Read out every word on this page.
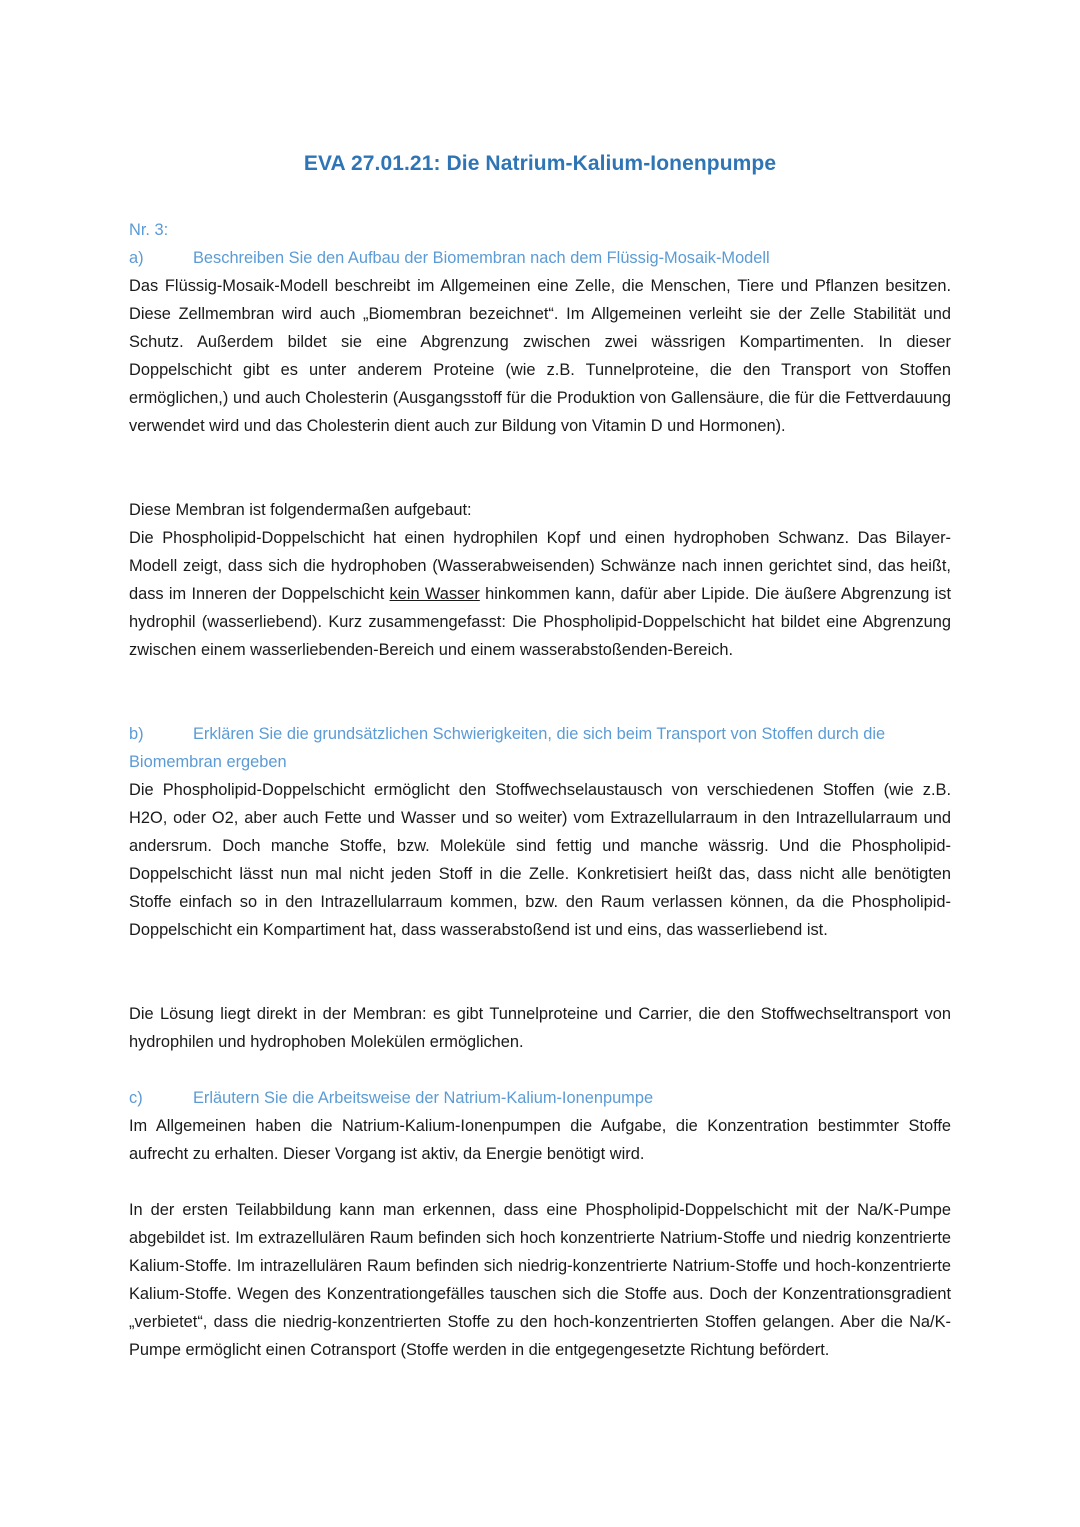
EVA 27.01.21: Die Natrium-Kalium-Ionenpumpe
Nr. 3:
a)	Beschreiben Sie den Aufbau der Biomembran nach dem Flüssig-Mosaik-Modell
Das Flüssig-Mosaik-Modell beschreibt im Allgemeinen eine Zelle, die Menschen, Tiere und Pflanzen besitzen. Diese Zellmembran wird auch „Biomembran bezeichnet“. Im Allgemeinen verleiht sie der Zelle Stabilität und Schutz. Außerdem bildet sie eine Abgrenzung zwischen zwei wässrigen Kompartimenten. In dieser Doppelschicht gibt es unter anderem Proteine (wie z.B. Tunnelproteine, die den Transport von Stoffen ermöglichen,) und auch Cholesterin (Ausgangsstoff für die Produktion von Gallensäure, die für die Fettverdauung verwendet wird und das Cholesterin dient auch zur Bildung von Vitamin D und Hormonen).
Diese Membran ist folgendermaßen aufgebaut:
Die Phospholipid-Doppelschicht hat einen hydrophilen Kopf und einen hydrophoben Schwanz. Das Bilayer-Modell zeigt, dass sich die hydrophoben (Wasserabweisenden) Schwänze nach innen gerichtet sind, das heißt, dass im Inneren der Doppelschicht kein Wasser hinkommen kann, dafür aber Lipide. Die äußere Abgrenzung ist hydrophil (wasserliebend). Kurz zusammengefasst: Die Phospholipid-Doppelschicht hat bildet eine Abgrenzung zwischen einem wasserliebenden-Bereich und einem wasserabstoßenden-Bereich.
b)	Erklären Sie die grundsätzlichen Schwierigkeiten, die sich beim Transport von Stoffen durch die Biomembran ergeben
Die Phospholipid-Doppelschicht ermöglicht den Stoffwechselaustausch von verschiedenen Stoffen (wie z.B. H2O, oder O2, aber auch Fette und Wasser und so weiter) vom Extrazellularraum in den Intrazellularraum und andersrum. Doch manche Stoffe, bzw. Moleküle sind fettig und manche wässrig. Und die Phospholipid-Doppelschicht lässt nun mal nicht jeden Stoff in die Zelle. Konkretisiert heißt das, dass nicht alle benötigten Stoffe einfach so in den Intrazellularraum kommen, bzw. den Raum verlassen können, da die Phospholipid-Doppelschicht ein Kompartiment hat, dass wasserabstoßend ist und eins, das wasserliebend ist.
Die Lösung liegt direkt in der Membran: es gibt Tunnelproteine und Carrier, die den Stoffwechseltransport von hydrophilen und hydrophoben Molekülen ermöglichen.
c)	Erläutern Sie die Arbeitsweise der Natrium-Kalium-Ionenpumpe
Im Allgemeinen haben die Natrium-Kalium-Ionenpumpen die Aufgabe, die Konzentration bestimmter Stoffe aufrecht zu erhalten. Dieser Vorgang ist aktiv, da Energie benötigt wird.
In der ersten Teilabbildung kann man erkennen, dass eine Phospholipid-Doppelschicht mit der Na/K-Pumpe abgebildet ist. Im extrazellulären Raum befinden sich hoch konzentrierte Natrium-Stoffe und niedrig konzentrierte Kalium-Stoffe. Im intrazellulären Raum befinden sich niedrig-konzentrierte Natrium-Stoffe und hoch-konzentrierte Kalium-Stoffe. Wegen des Konzentrationgefälles tauschen sich die Stoffe aus. Doch der Konzentrationsgradient „verbietet“, dass die niedrig-konzentrierten Stoffe zu den hoch-konzentrierten Stoffen gelangen. Aber die Na/K-Pumpe ermöglicht einen Cotransport (Stoffe werden in die entgegengesetzte Richtung befördert.
